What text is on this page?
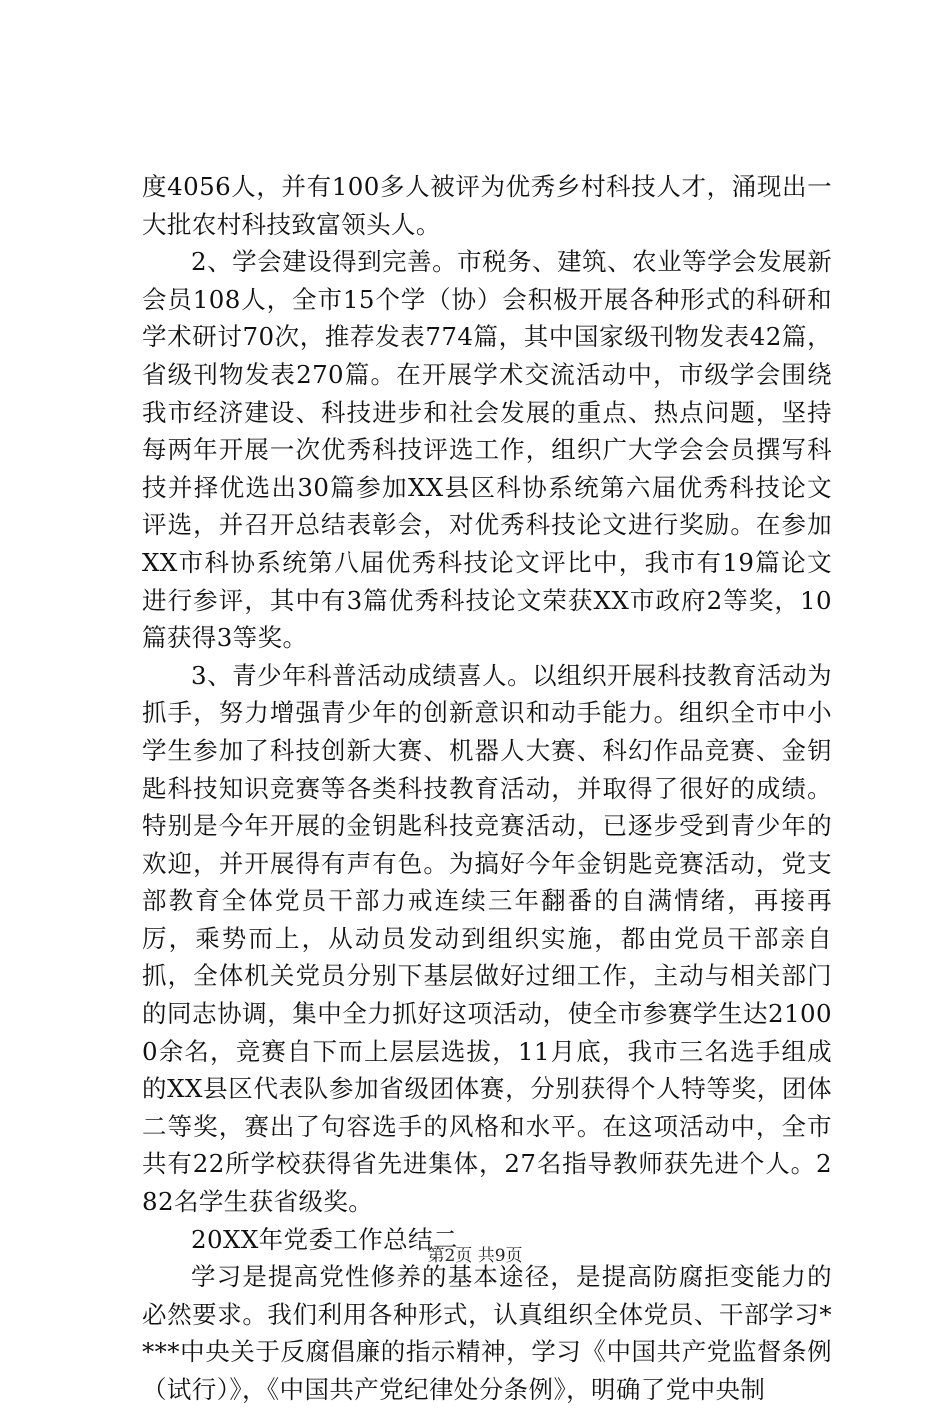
度4056人，并有100多人被评为优秀乡村科技人才，涌现出一大批农村科技致富领头人。

2、学会建设得到完善。市税务、建筑、农业等学会发展新会员108人，全市15个学（协）会积极开展各种形式的科研和学术研讨70次，推荐发表774篇，其中国家级刊物发表42篇，省级刊物发表270篇。在开展学术交流活动中，市级学会围绕我市经济建设、科技进步和社会发展的重点、热点问题，坚持每两年开展一次优秀科技评选工作，组织广大学会会员撰写科技并择优选出30篇参加XX县区科协系统第六届优秀科技论文评选，并召开总结表彰会，对优秀科技论文进行奖励。在参加XX市科协系统第八届优秀科技论文评比中，我市有19篇论文进行参评，其中有3篇优秀科技论文荣获XX市政府2等奖，10篇获得3等奖。

3、青少年科普活动成绩喜人。以组织开展科技教育活动为抓手，努力增强青少年的创新意识和动手能力。组织全市中小学生参加了科技创新大赛、机器人大赛、科幻作品竞赛、金钥匙科技知识竞赛等各类科技教育活动，并取得了很好的成绩。特别是今年开展的金钥匙科技竞赛活动，已逐步受到青少年的欢迎，并开展得有声有色。为搞好今年金钥匙竞赛活动，党支部教育全体党员干部力戒连续三年翻番的自满情绪，再接再厉，乘势而上，从动员发动到组织实施，都由党员干部亲自抓，全体机关党员分别下基层做好过细工作，主动与相关部门的同志协调，集中全力抓好这项活动，使全市参赛学生达21000余名，竞赛自下而上层层选拔，11月底，我市三名选手组成的XX县区代表队参加省级团体赛，分别获得个人特等奖，团体二等奖，赛出了句容选手的风格和水平。在这项活动中，全市共有22所学校获得省先进集体，27名指导教师获先进个人。282名学生获省级奖。

20XX年党委工作总结二

学习是提高党性修养的基本途径，是提高防腐拒变能力的必然要求。我们利用各种形式，认真组织全体党员、干部学习****中央关于反腐倡廉的指示精神，学习《中国共产党监督条例（试行）》，《中国共产党纪律处分条例》，明确了党中央制

第2页 共9页
